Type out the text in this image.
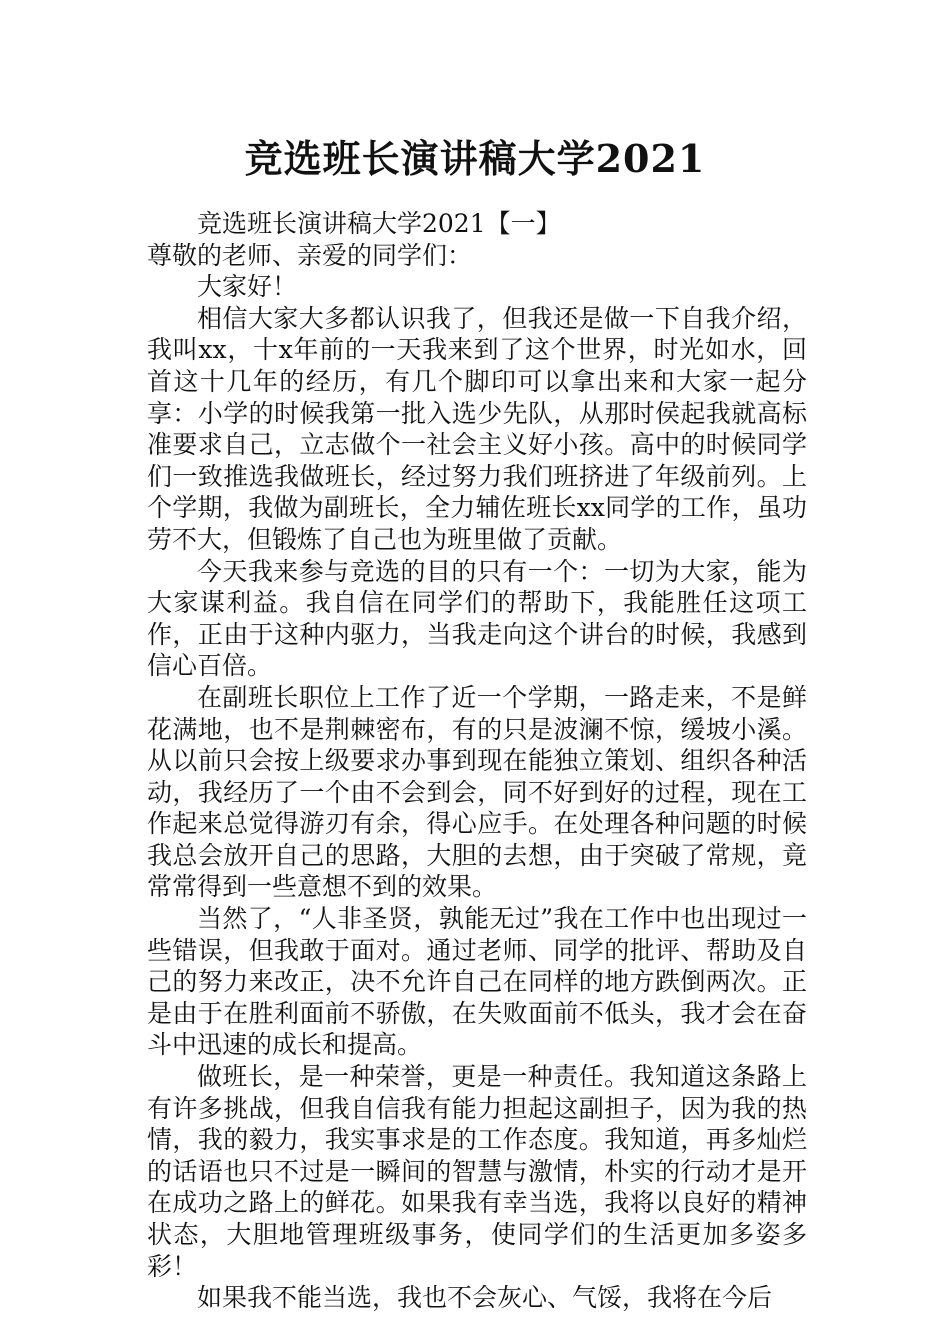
竞选班长演讲稿大学2021

竞选班长演讲稿大学2021【一】

尊敬的老师、亲爱的同学们：

大家好！

相信大家大多都认识我了，但我还是做一下自我介绍，我叫xx，十x年前的一天我来到了这个世界，时光如水，回首这十几年的经历，有几个脚印可以拿出来和大家一起分享：小学的时候我第一批入选少先队，从那时侯起我就高标准要求自己，立志做个一社会主义好小孩。高中的时候同学们一致推选我做班长，经过努力我们班挤进了年级前列。上个学期，我做为副班长，全力辅佐班长xx同学的工作，虽功劳不大，但锻炼了自己也为班里做了贡献。

今天我来参与竞选的目的只有一个：一切为大家，能为大家谋利益。我自信在同学们的帮助下，我能胜任这项工作，正由于这种内驱力，当我走向这个讲台的时候，我感到信心百倍。

在副班长职位上工作了近一个学期，一路走来，不是鲜花满地，也不是荆棘密布，有的只是波澜不惊，缓坡小溪。从以前只会按上级要求办事到现在能独立策划、组织各种活动，我经历了一个由不会到会，同不好到好的过程，现在工作起来总觉得游刃有余，得心应手。在处理各种问题的时候我总会放开自己的思路，大胆的去想，由于突破了常规，竟常常得到一些意想不到的效果。

当然了，“人非圣贤，孰能无过”我在工作中也出现过一些错误，但我敢于面对。通过老师、同学的批评、帮助及自己的努力来改正，决不允许自己在同样的地方跌倒两次。正是由于在胜利面前不骄傲，在失败面前不低头，我才会在奋斗中迅速的成长和提高。

做班长，是一种荣誉，更是一种责任。我知道这条路上有许多挑战，但我自信我有能力担起这副担子，因为我的热情，我的毅力，我实事求是的工作态度。我知道，再多灿烂的话语也只不过是一瞬间的智慧与激情，朴实的行动才是开在成功之路上的鲜花。如果我有幸当选，我将以良好的精神状态，大胆地管理班级事务，使同学们的生活更加多姿多彩！

如果我不能当选，我也不会灰心、气馁，我将在今后
